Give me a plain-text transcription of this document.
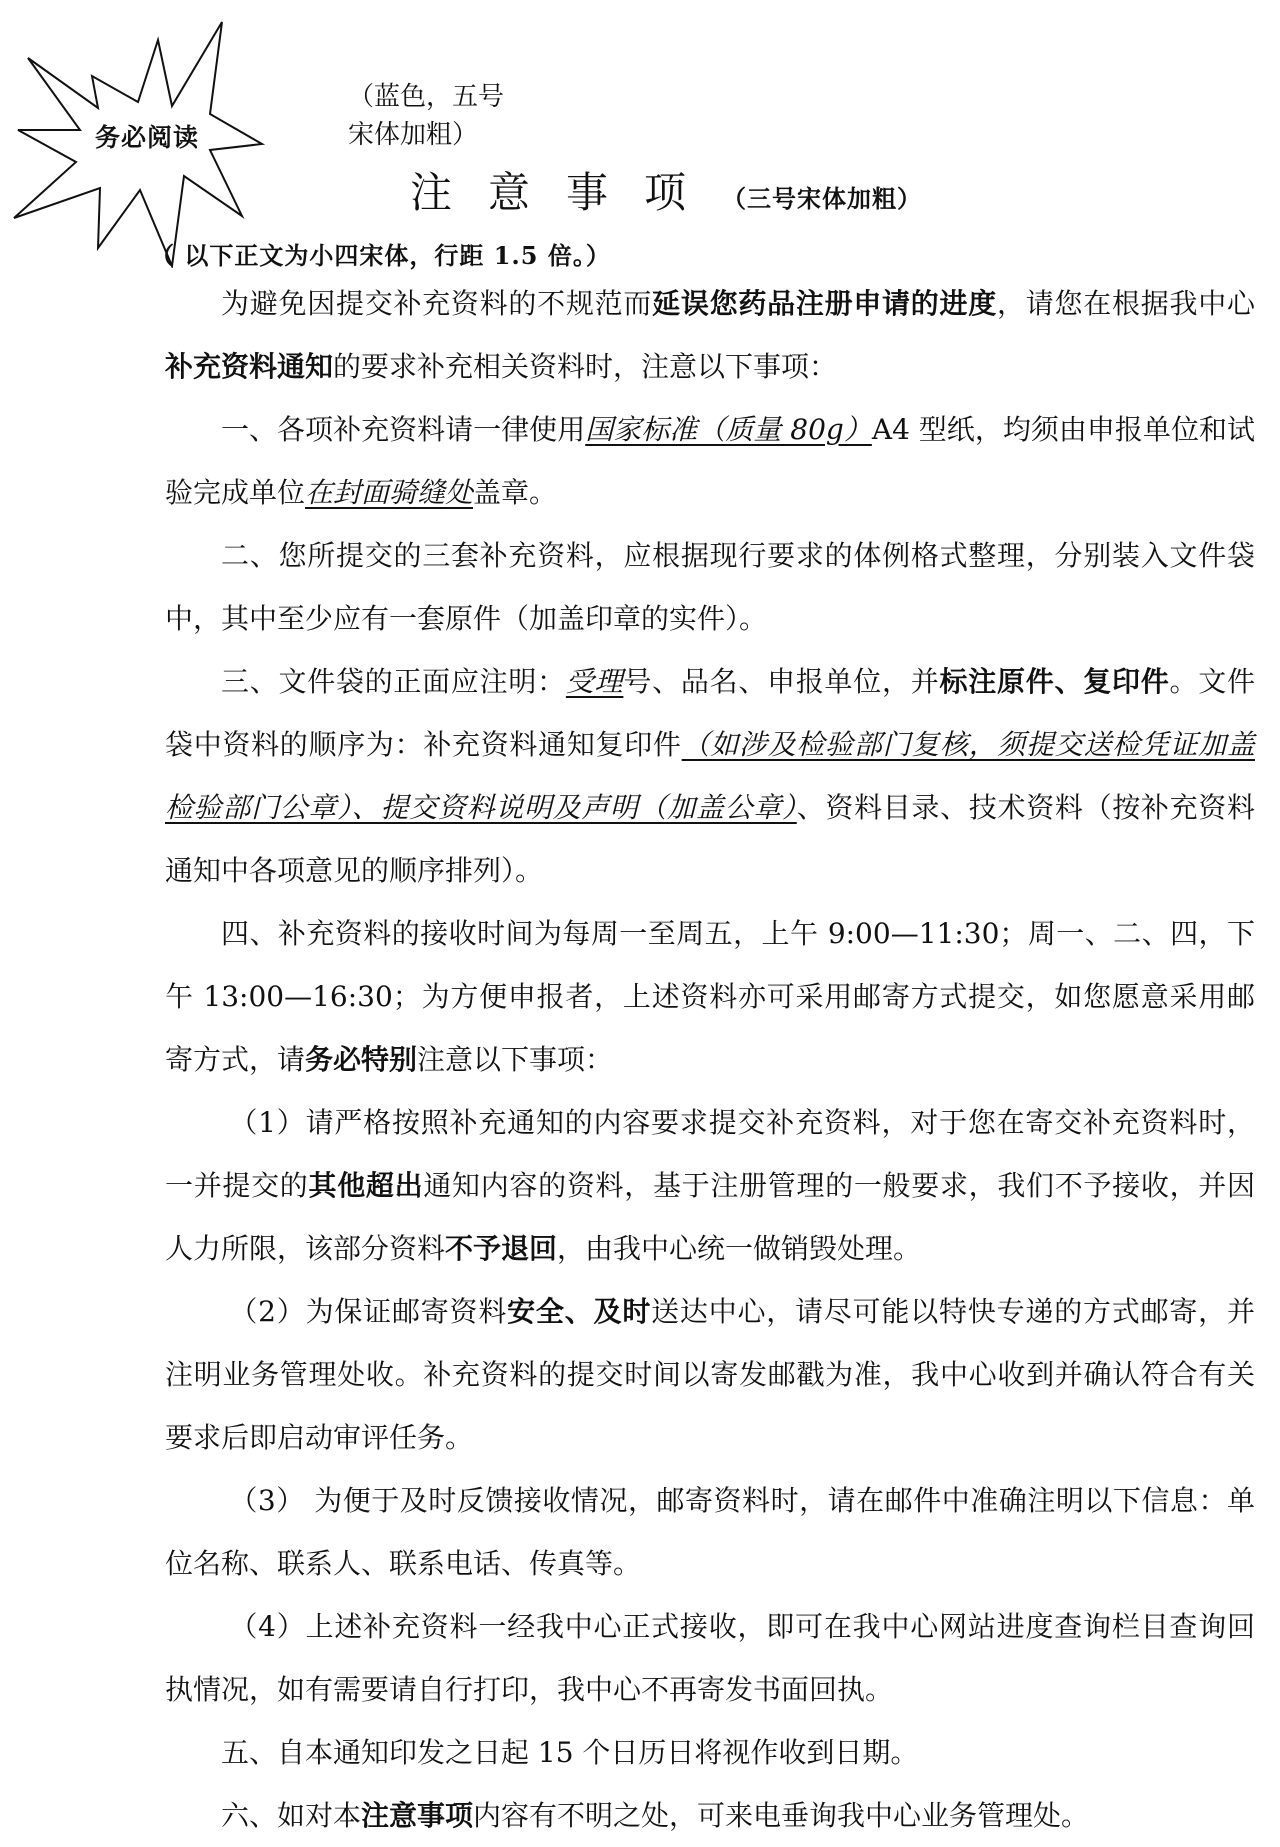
务必阅读
（蓝色，五号
宋体加粗）
注意事项（三号宋体加粗）
（ 以下正文为小四宋体，行距 1.5 倍。）

为避免因提交补充资料的不规范而延误您药品注册申请的进度，请您在根据我中心补充资料通知的要求补充相关资料时，注意以下事项：

一、各项补充资料请一律使用国家标准（质量 80g）A4 型纸，均须由申报单位和试验完成单位在封面骑缝处盖章。

二、您所提交的三套补充资料，应根据现行要求的体例格式整理，分别装入文件袋中，其中至少应有一套原件（加盖印章的实件）。

三、文件袋的正面应注明：受理号、品名、申报单位，并标注原件、复印件。文件袋中资料的顺序为：补充资料通知复印件（如涉及检验部门复核，须提交送检凭证加盖检验部门公章）、提交资料说明及声明（加盖公章）、资料目录、技术资料（按补充资料通知中各项意见的顺序排列）。

四、补充资料的接收时间为每周一至周五，上午 9:00—11:30；周一、二、四，下午 13:00—16:30；为方便申报者，上述资料亦可采用邮寄方式提交，如您愿意采用邮寄方式，请务必特别注意以下事项：

（1）请严格按照补充通知的内容要求提交补充资料，对于您在寄交补充资料时，一并提交的其他超出通知内容的资料，基于注册管理的一般要求，我们不予接收，并因人力所限，该部分资料不予退回，由我中心统一做销毁处理。

（2）为保证邮寄资料安全、及时送达中心，请尽可能以特快专递的方式邮寄，并注明业务管理处收。补充资料的提交时间以寄发邮戳为准，我中心收到并确认符合有关要求后即启动审评任务。

（3） 为便于及时反馈接收情况，邮寄资料时，请在邮件中准确注明以下信息：单位名称、联系人、联系电话、传真等。

（4）上述补充资料一经我中心正式接收，即可在我中心网站进度查询栏目查询回执情况，如有需要请自行打印，我中心不再寄发书面回执。

五、自本通知印发之日起 15 个日历日将视作收到日期。

六、如对本注意事项内容有不明之处，可来电垂询我中心业务管理处。
